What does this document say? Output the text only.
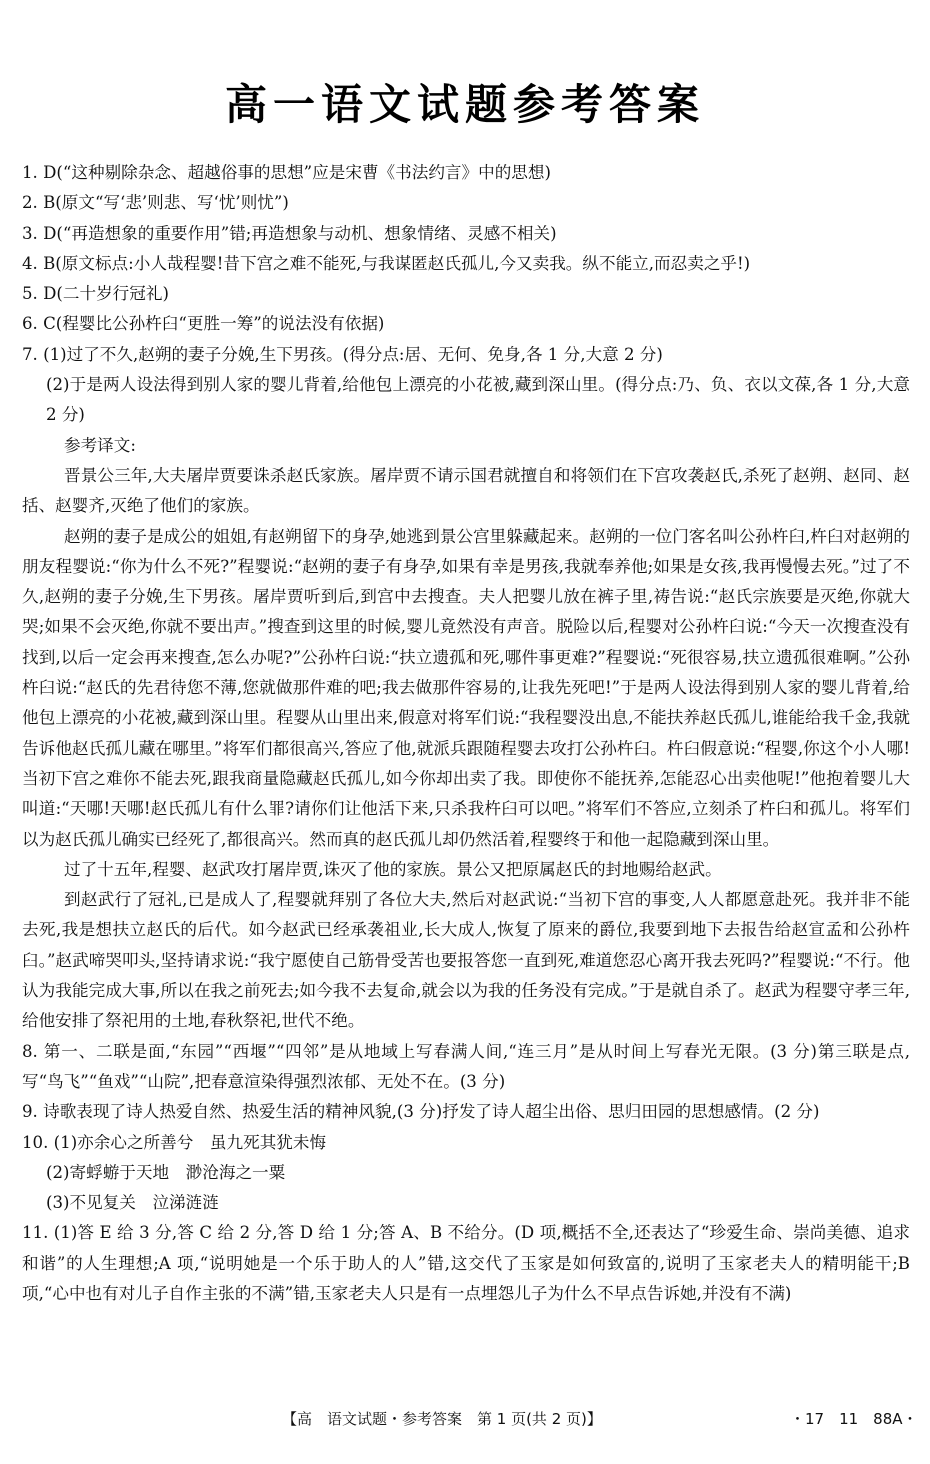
高一语文试题参考答案
1. D(“这种剔除杂念、超越俗事的思想”应是宋曹《书法约言》中的思想)
2. B(原文“写‘悲’则悲、写‘忧’则忧”)
3. D(“再造想象的重要作用”错;再造想象与动机、想象情绪、灵感不相关)
4. B(原文标点:小人哉程婴!昔下宫之难不能死,与我谋匿赵氏孤儿,今又卖我。纵不能立,而忍卖之乎!)
5. D(二十岁行冠礼)
6. C(程婴比公孙杵臼“更胜一筹”的说法没有依据)
7. (1)过了不久,赵朔的妻子分娩,生下男孩。(得分点:居、无何、免身,各 1 分,大意 2 分)
(2)于是两人设法得到别人家的婴儿背着,给他包上漂亮的小花被,藏到深山里。(得分点:乃、负、衣以文葆,各 1 分,大意 2 分)
参考译文:
晋景公三年,大夫屠岸贾要诛杀赵氏家族。屠岸贾不请示国君就擅自和将领们在下宫攻袭赵氏,杀死了赵朔、赵同、赵括、赵婴齐,灭绝了他们的家族。
赵朔的妻子是成公的姐姐,有赵朔留下的身孕,她逃到景公宫里躲藏起来。赵朔的一位门客名叫公孙杵臼,杵臼对赵朔的朋友程婴说:“你为什么不死?”程婴说:“赵朔的妻子有身孕,如果有幸是男孩,我就奉养他;如果是女孩,我再慢慢去死。”过了不久,赵朔的妻子分娩,生下男孩。屠岸贾听到后,到宫中去搜查。夫人把婴儿放在裤子里,祷告说:“赵氏宗族要是灭绝,你就大哭;如果不会灭绝,你就不要出声。”搜查到这里的时候,婴儿竟然没有声音。脱险以后,程婴对公孙杵臼说:“今天一次搜查没有找到,以后一定会再来搜查,怎么办呢?”公孙杵臼说:“扶立遗孤和死,哪件事更难?”程婴说:“死很容易,扶立遗孤很难啊。”公孙杵臼说:“赵氏的先君待您不薄,您就做那件难的吧;我去做那件容易的,让我先死吧!”于是两人设法得到别人家的婴儿背着,给他包上漂亮的小花被,藏到深山里。程婴从山里出来,假意对将军们说:“我程婴没出息,不能扶养赵氏孤儿,谁能给我千金,我就告诉他赵氏孤儿藏在哪里。”将军们都很高兴,答应了他,就派兵跟随程婴去攻打公孙杵臼。杵臼假意说:“程婴,你这个小人哪!当初下宫之难你不能去死,跟我商量隐藏赵氏孤儿,如今你却出卖了我。即使你不能抚养,怎能忍心出卖他呢!”他抱着婴儿大叫道:“天哪!天哪!赵氏孤儿有什么罪?请你们让他活下来,只杀我杵臼可以吧。”将军们不答应,立刻杀了杵臼和孤儿。将军们以为赵氏孤儿确实已经死了,都很高兴。然而真的赵氏孤儿却仍然活着,程婴终于和他一起隐藏到深山里。
过了十五年,程婴、赵武攻打屠岸贾,诛灭了他的家族。景公又把原属赵氏的封地赐给赵武。
到赵武行了冠礼,已是成人了,程婴就拜别了各位大夫,然后对赵武说:“当初下宫的事变,人人都愿意赴死。我并非不能去死,我是想扶立赵氏的后代。如今赵武已经承袭祖业,长大成人,恢复了原来的爵位,我要到地下去报告给赵宣孟和公孙杵臼。”赵武啼哭叩头,坚持请求说:“我宁愿使自己筋骨受苦也要报答您一直到死,难道您忍心离开我去死吗?”程婴说:“不行。他认为我能完成大事,所以在我之前死去;如今我不去复命,就会以为我的任务没有完成。”于是就自杀了。赵武为程婴守孝三年,给他安排了祭祀用的土地,春秋祭祀,世代不绝。
8. 第一、二联是面,“东园”“西堰”“四邻”是从地域上写春满人间,“连三月”是从时间上写春光无限。(3 分)第三联是点,写“鸟飞”“鱼戏”“山院”,把春意渲染得强烈浓郁、无处不在。(3 分)
9. 诗歌表现了诗人热爱自然、热爱生活的精神风貌,(3 分)抒发了诗人超尘出俗、思归田园的思想感情。(2 分)
10. (1)亦余心之所善兮　虽九死其犹未悔
(2)寄蜉蝣于天地　渺沧海之一粟
(3)不见复关　泣涕涟涟
11. (1)答 E 给 3 分,答 C 给 2 分,答 D 给 1 分;答 A、B 不给分。(D 项,概括不全,还表达了“珍爱生命、崇尚美德、追求和谐”的人生理想;A 项,“说明她是一个乐于助人的人”错,这交代了玉家是如何致富的,说明了玉家老夫人的精明能干;B 项,“心中也有对儿子自作主张的不满”错,玉家老夫人只是有一点埋怨儿子为什么不早点告诉她,并没有不满)
【高　语文试题・参考答案　第 1 页(共 2 页)】	・17　11　88A・
